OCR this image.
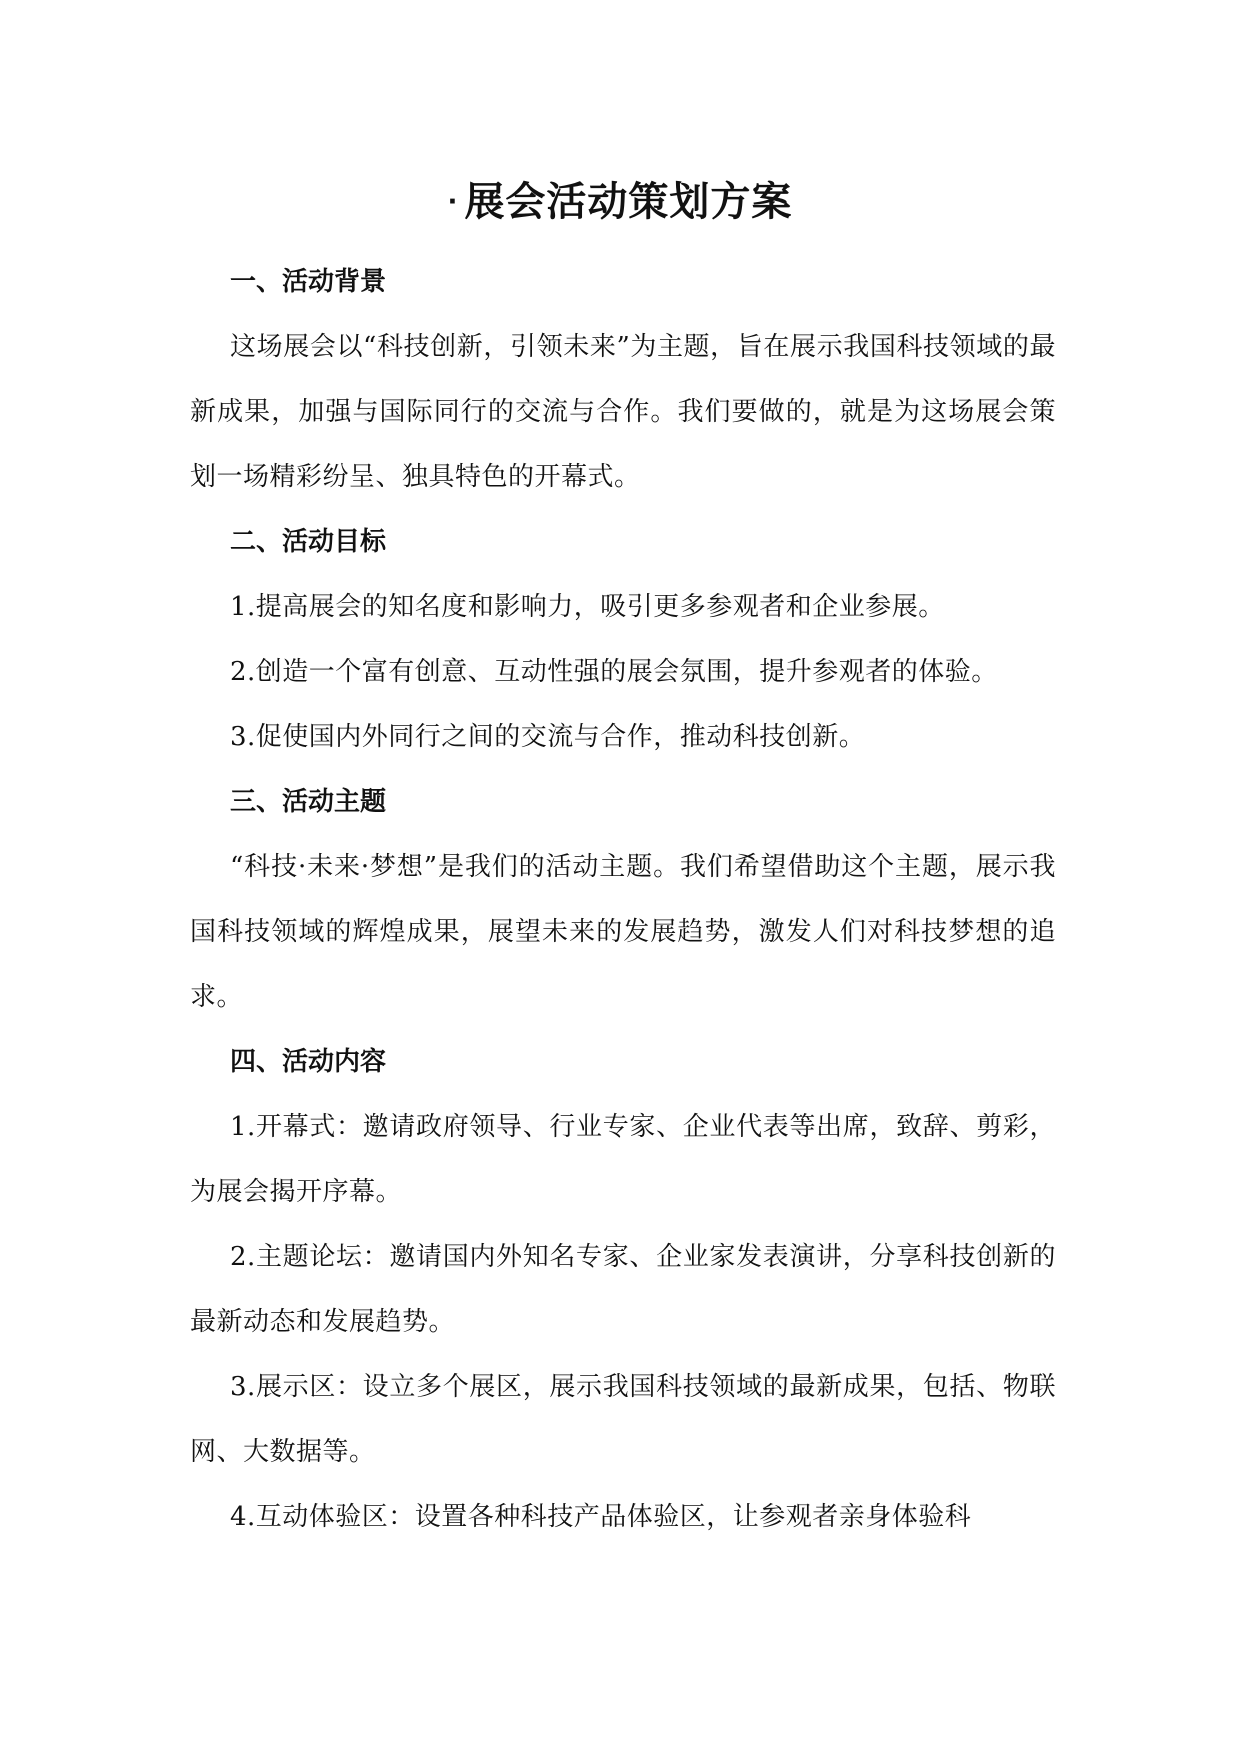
· 展会活动策划方案
一、活动背景

这场展会以“科技创新，引领未来”为主题，旨在展示我国科技领域的最新成果，加强与国际同行的交流与合作。我们要做的，就是为这场展会策划一场精彩纷呈、独具特色的开幕式。

二、活动目标

1.提高展会的知名度和影响力，吸引更多参观者和企业参展。

2.创造一个富有创意、互动性强的展会氛围，提升参观者的体验。

3.促使国内外同行之间的交流与合作，推动科技创新。

三、活动主题

“科技·未来·梦想”是我们的活动主题。我们希望借助这个主题，展示我国科技领域的辉煌成果，展望未来的发展趋势，激发人们对科技梦想的追求。

四、活动内容

1.开幕式：邀请政府领导、行业专家、企业代表等出席，致辞、剪彩，为展会揭开序幕。

2.主题论坛：邀请国内外知名专家、企业家发表演讲，分享科技创新的最新动态和发展趋势。

3.展示区：设立多个展区，展示我国科技领域的最新成果，包括、物联网、大数据等。

4.互动体验区：设置各种科技产品体验区，让参观者亲身体验科
